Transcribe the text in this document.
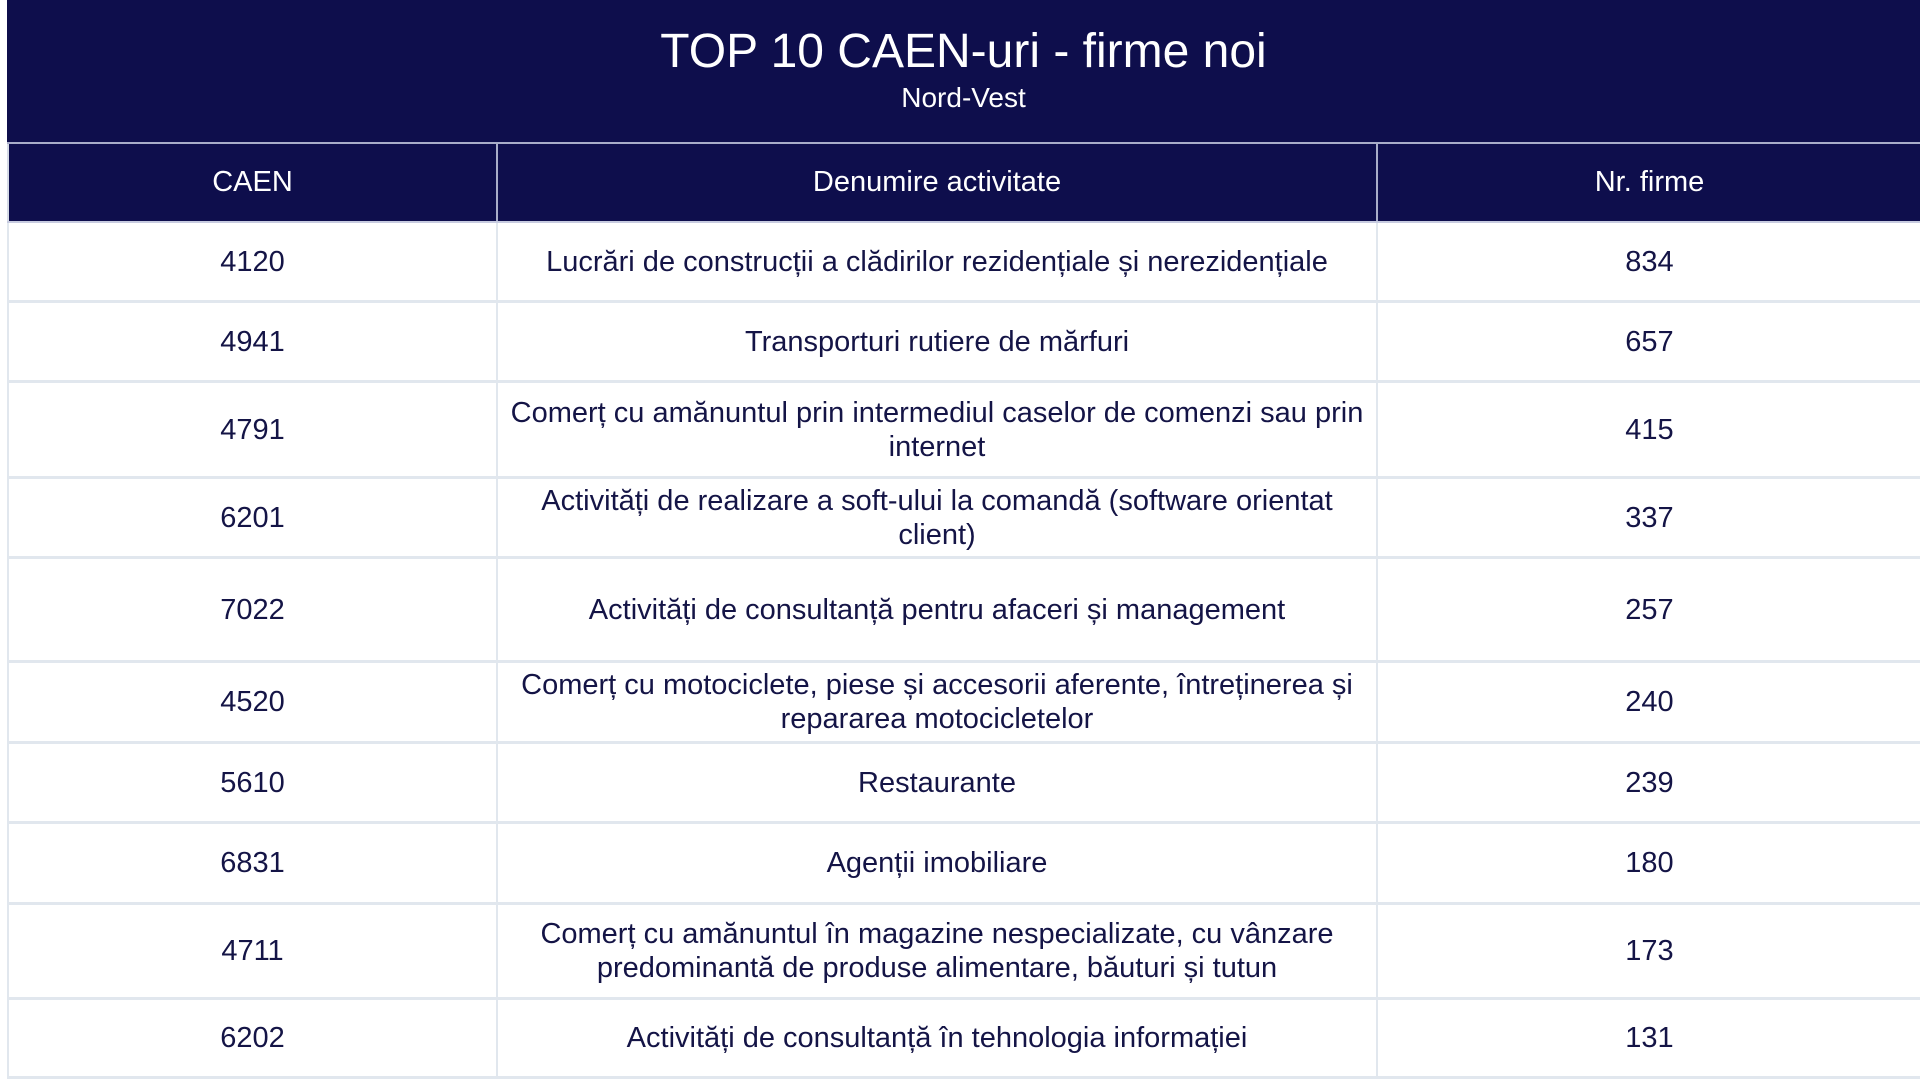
TOP 10 CAEN-uri - firme noi
Nord-Vest
CAEN	Denumire activitate	Nr. firme
4120	Lucrări de construcții a clădirilor rezidențiale și nerezidențiale	834
4941	Transporturi rutiere de mărfuri	657
4791	Comerț cu amănuntul prin intermediul caselor de comenzi sau prin internet	415
6201	Activități de realizare a soft-ului la comandă (software orientat client)	337
7022	Activități de consultanță pentru afaceri și management	257
4520	Comerț cu motociclete, piese și accesorii aferente, întreținerea și repararea motocicletelor	240
5610	Restaurante	239
6831	Agenții imobiliare	180
4711	Comerț cu amănuntul în magazine nespecializate, cu vânzare predominantă de produse alimentare, băuturi și tutun	173
6202	Activități de consultanță în tehnologia informației	131
